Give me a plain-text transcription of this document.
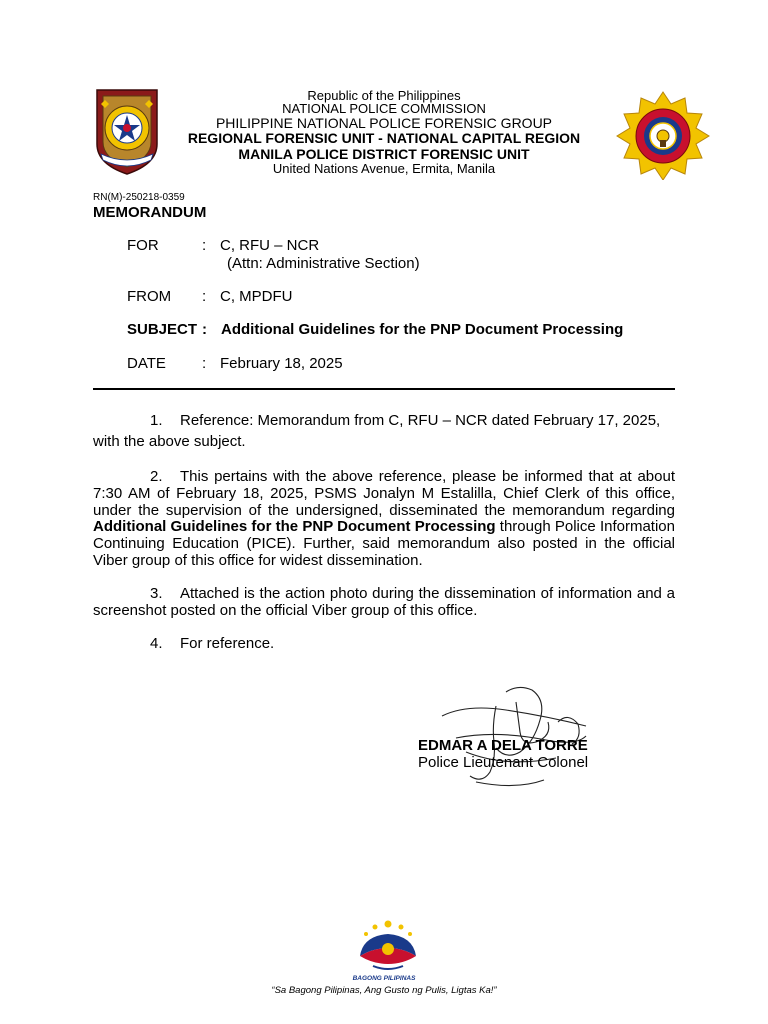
Republic of the Philippines
NATIONAL POLICE COMMISSION
PHILIPPINE NATIONAL POLICE FORENSIC GROUP
REGIONAL FORENSIC UNIT - NATIONAL CAPITAL REGION
MANILA POLICE DISTRICT FORENSIC UNIT
United Nations Avenue, Ermita, Manila
RN(M)-250218-0359
MEMORANDUM
FOR	: C, RFU – NCR
(Attn: Administrative Section)
FROM : C, MPDFU
SUBJECT : Additional Guidelines for the PNP Document Processing
DATE : February 18, 2025
1. Reference: Memorandum from C, RFU – NCR dated February 17, 2025, with the above subject.
2. This pertains with the above reference, please be informed that at about 7:30 AM of February 18, 2025, PSMS Jonalyn M Estalilla, Chief Clerk of this office, under the supervision of the undersigned, disseminated the memorandum regarding Additional Guidelines for the PNP Document Processing through Police Information Continuing Education (PICE). Further, said memorandum also posted in the official Viber group of this office for widest dissemination.
3. Attached is the action photo during the dissemination of information and a screenshot posted on the official Viber group of this office.
4. For reference.
EDMAR A DELA TORRE
Police Lieutenant Colonel
BAGONG PILIPINAS
“Sa Bagong Pilipinas, Ang Gusto ng Pulis, Ligtas Ka!”
